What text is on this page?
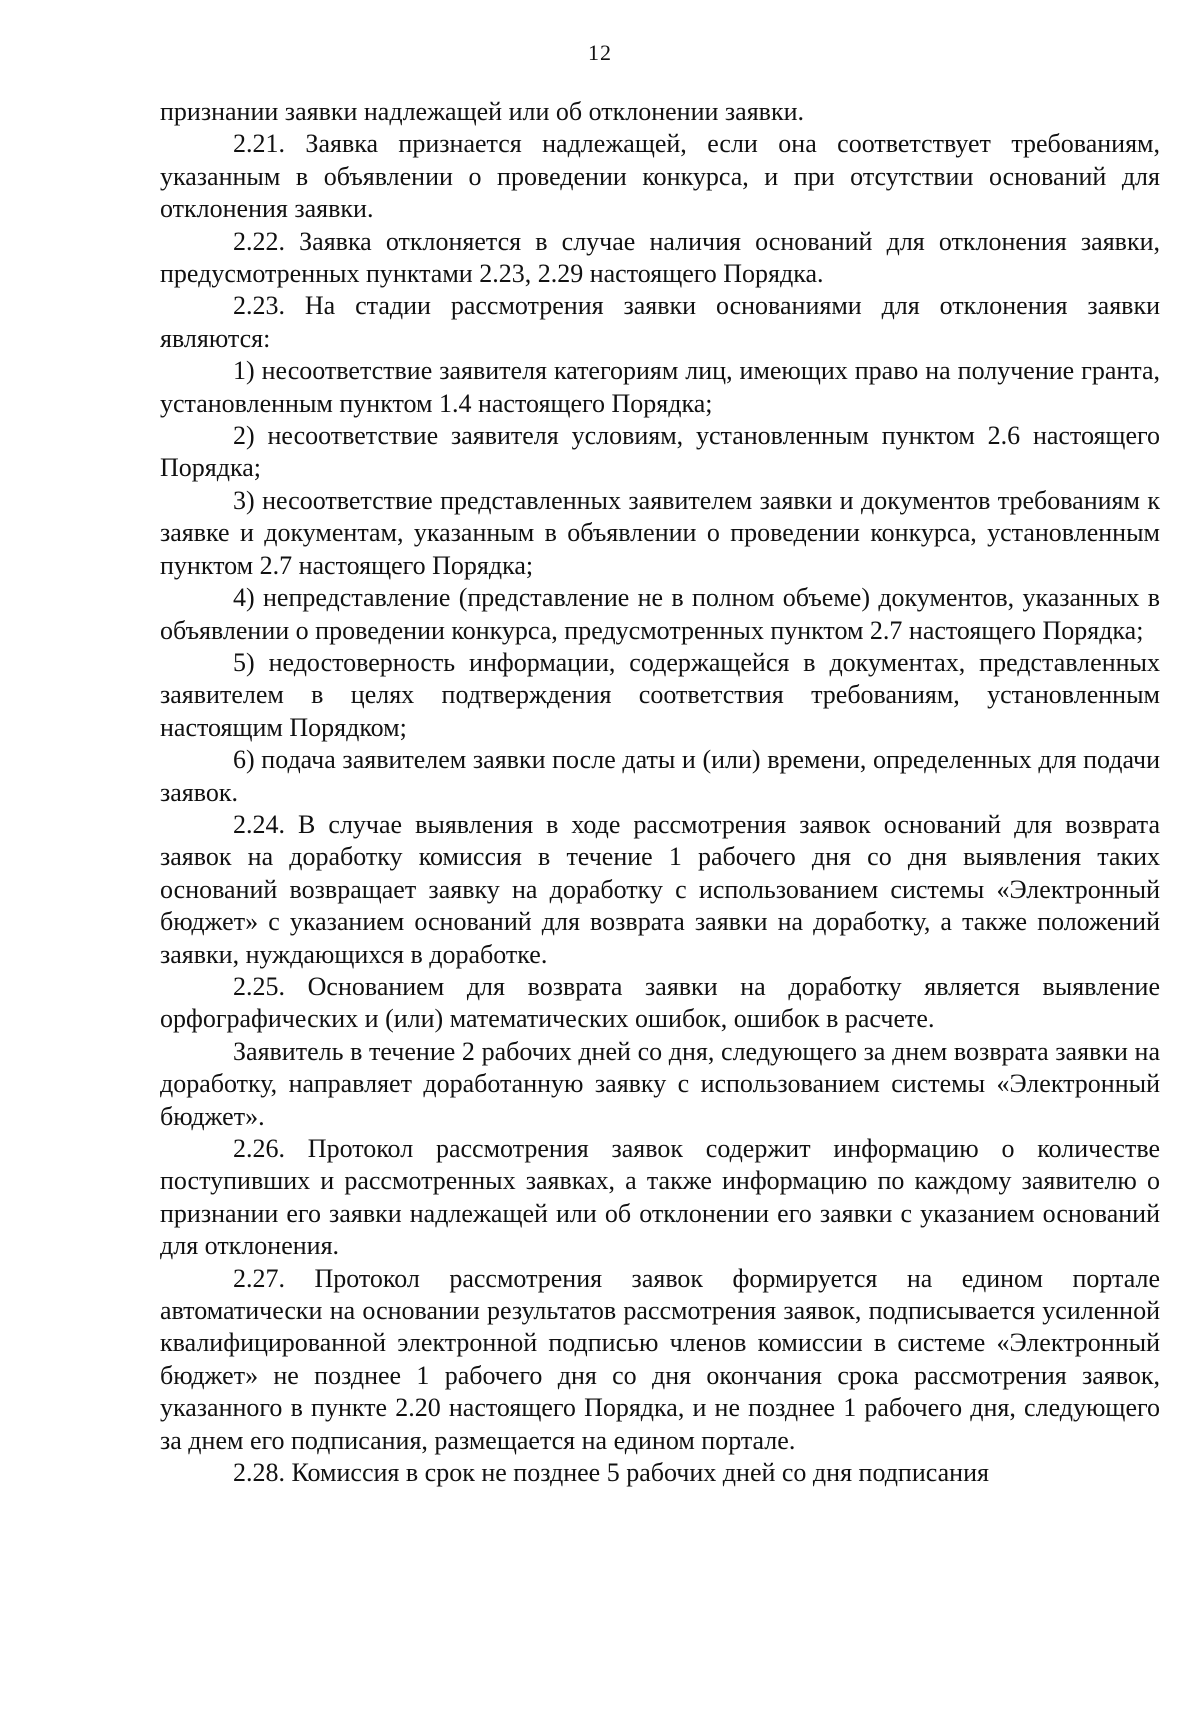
12

признании заявки надлежащей или об отклонении заявки.

2.21. Заявка признается надлежащей, если она соответствует требованиям, указанным в объявлении о проведении конкурса, и при отсутствии оснований для отклонения заявки.

2.22. Заявка отклоняется в случае наличия оснований для отклонения заявки, предусмотренных пунктами 2.23, 2.29 настоящего Порядка.

2.23. На стадии рассмотрения заявки основаниями для отклонения заявки являются:

1) несоответствие заявителя категориям лиц, имеющих право на получение гранта, установленным пунктом 1.4 настоящего Порядка;

2) несоответствие заявителя условиям, установленным пунктом 2.6 настоящего Порядка;

3) несоответствие представленных заявителем заявки и документов требованиям к заявке и документам, указанным в объявлении о проведении конкурса, установленным пунктом 2.7 настоящего Порядка;

4) непредставление (представление не в полном объеме) документов, указанных в объявлении о проведении конкурса, предусмотренных пунктом 2.7 настоящего Порядка;

5) недостоверность информации, содержащейся в документах, представленных заявителем в целях подтверждения соответствия требованиям, установленным настоящим Порядком;

6) подача заявителем заявки после даты и (или) времени, определенных для подачи заявок.

2.24. В случае выявления в ходе рассмотрения заявок оснований для возврата заявок на доработку комиссия в течение 1 рабочего дня со дня выявления таких оснований возвращает заявку на доработку с использованием системы «Электронный бюджет» с указанием оснований для возврата заявки на доработку, а также положений заявки, нуждающихся в доработке.

2.25. Основанием для возврата заявки на доработку является выявление орфографических и (или) математических ошибок, ошибок в расчете.

Заявитель в течение 2 рабочих дней со дня, следующего за днем возврата заявки на доработку, направляет доработанную заявку с использованием системы «Электронный бюджет».

2.26. Протокол рассмотрения заявок содержит информацию о количестве поступивших и рассмотренных заявках, а также информацию по каждому заявителю о признании его заявки надлежащей или об отклонении его заявки с указанием оснований для отклонения.

2.27. Протокол рассмотрения заявок формируется на едином портале автоматически на основании результатов рассмотрения заявок, подписывается усиленной квалифицированной электронной подписью членов комиссии в системе «Электронный бюджет» не позднее 1 рабочего дня со дня окончания срока рассмотрения заявок, указанного в пункте 2.20 настоящего Порядка, и не позднее 1 рабочего дня, следующего за днем его подписания, размещается на едином портале.

2.28. Комиссия в срок не позднее 5 рабочих дней со дня подписания
